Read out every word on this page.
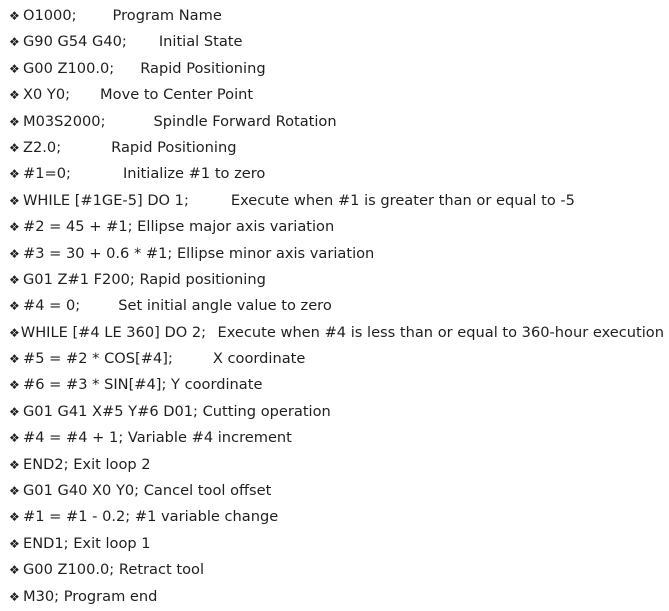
❖ O1000; Program Name
❖ G90 G54 G40; Initial State
❖ G00 Z100.0; Rapid Positioning
❖ X0 Y0; Move to Center Point
❖ M03S2000;	Spindle Forward Rotation
❖ Z2.0;	Rapid Positioning
❖ #1=0;	Initialize #1 to zero
❖ WHILE [#1GE-5] DO 1;	Execute when #1 is greater than or equal to -5
❖ #2 = 45 + #1; Ellipse major axis variation
❖ #3 = 30 + 0.6 * #1; Ellipse minor axis variation
❖ G01 Z#1 F200; Rapid positioning
❖ #4 = 0;	Set initial angle value to zero
❖ WHILE [#4 LE 360] DO 2; Execute when #4 is less than or equal to 360-hour execution
❖ #5 = #2 * COS[#4];	X coordinate
❖ #6 = #3 * SIN[#4]; Y coordinate
❖ G01 G41 X#5 Y#6 D01; Cutting operation
❖ #4 = #4 + 1; Variable #4 increment
❖ END2; Exit loop 2
❖ G01 G40 X0 Y0; Cancel tool offset
❖ #1 = #1 - 0.2; #1 variable change
❖ END1; Exit loop 1
❖ G00 Z100.0; Retract tool
❖ M30; Program end
